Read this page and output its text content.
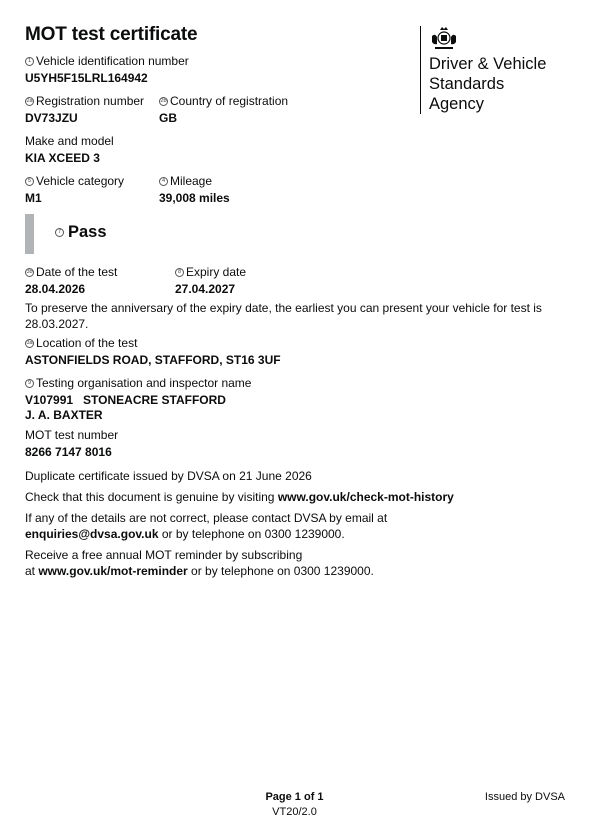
MOT test certificate
Driver & Vehicle
Standards
Agency
1 Vehicle identification number
U5YH5F15LRL164942
2a Registration number
DV73JZU
2b Country of registration
GB
Make and model
KIA XCEED 3
5 Vehicle category
M1
4 Mileage
39,008 miles
7 Pass
3b Date of the test
28.04.2026
8 Expiry date
27.04.2027
To preserve the anniversary of the expiry date, the earliest you can present your vehicle for test is 28.03.2027.
3a Location of the test
ASTONFIELDS ROAD, STAFFORD, ST16 3UF
9 Testing organisation and inspector name
V107991   STONEACRE STAFFORD
J. A. BAXTER
MOT test number
8266 7147 8016
Duplicate certificate issued by DVSA on 21 June 2026
Check that this document is genuine by visiting www.gov.uk/check-mot-history
If any of the details are not correct, please contact DVSA by email at
enquiries@dvsa.gov.uk or by telephone on 0300 1239000.
Receive a free annual MOT reminder by subscribing
at www.gov.uk/mot-reminder or by telephone on 0300 1239000.
Page 1 of 1
VT20/2.0
Issued by DVSA
